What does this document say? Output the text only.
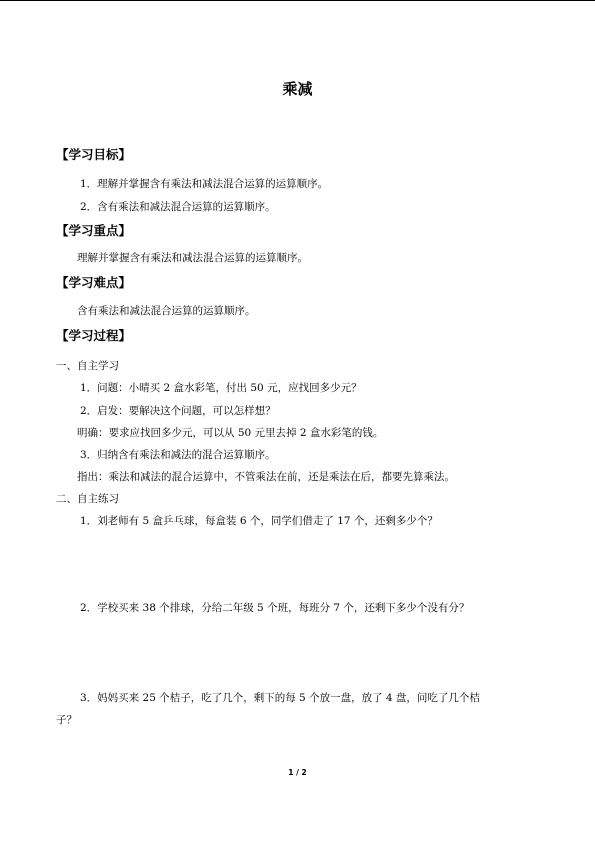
乘减
【学习目标】
1．理解并掌握含有乘法和减法混合运算的运算顺序。
2．含有乘法和减法混合运算的运算顺序。
【学习重点】
理解并掌握含有乘法和减法混合运算的运算顺序。
【学习难点】
含有乘法和减法混合运算的运算顺序。
【学习过程】
一、自主学习
1．问题：小晴买 2 盒水彩笔，付出 50 元，应找回多少元？
2．启发：要解决这个问题，可以怎样想？
明确：要求应找回多少元，可以从 50 元里去掉 2 盒水彩笔的钱。
3．归纳含有乘法和减法的混合运算顺序。
指出：乘法和减法的混合运算中，不管乘法在前，还是乘法在后，都要先算乘法。
二、自主练习
1．刘老师有 5 盒乒乓球，每盒装 6 个，同学们借走了 17 个，还剩多少个？
2．学校买来 38 个排球，分给二年级 5 个班，每班分 7 个，还剩下多少个没有分？
3．妈妈买来 25 个桔子，吃了几个，剩下的每 5 个放一盘，放了 4 盘，问吃了几个桔
子？
1 / 2
